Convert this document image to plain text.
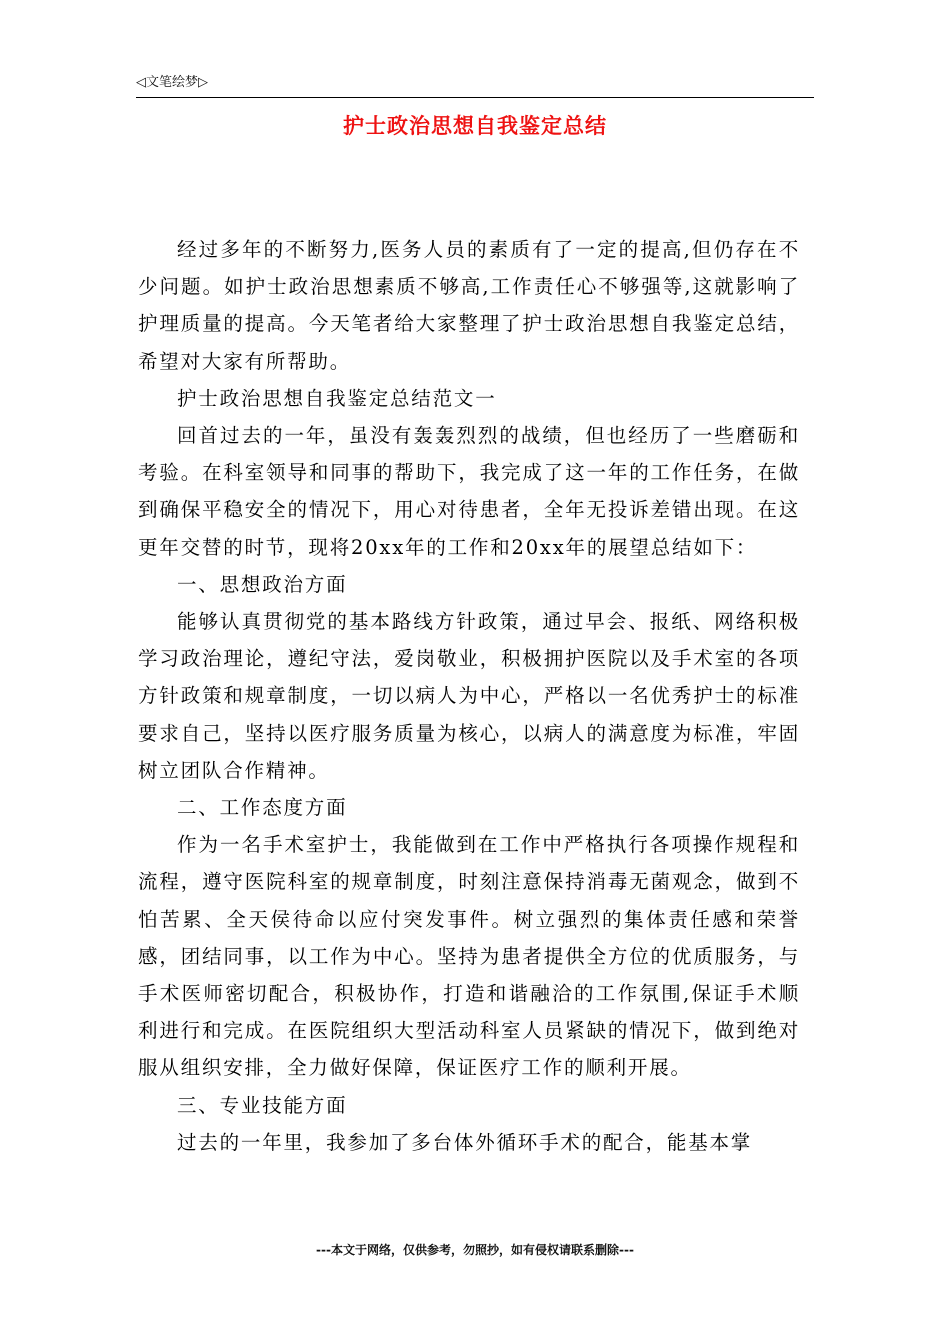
◁文笔绘梦▷
护士政治思想自我鉴定总结

经过多年的不断努力,医务人员的素质有了一定的提高,但仍存在不少问题。如护士政治思想素质不够高,工作责任心不够强等,这就影响了护理质量的提高。今天笔者给大家整理了护士政治思想自我鉴定总结，希望对大家有所帮助。

护士政治思想自我鉴定总结范文一

回首过去的一年，虽没有轰轰烈烈的战绩，但也经历了一些磨砺和考验。在科室领导和同事的帮助下，我完成了这一年的工作任务，在做到确保平稳安全的情况下，用心对待患者，全年无投诉差错出现。在这更年交替的时节，现将20xx年的工作和20xx年的展望总结如下：

一、思想政治方面

能够认真贯彻党的基本路线方针政策，通过早会、报纸、网络积极学习政治理论，遵纪守法，爱岗敬业，积极拥护医院以及手术室的各项方针政策和规章制度，一切以病人为中心，严格以一名优秀护士的标准要求自己，坚持以医疗服务质量为核心，以病人的满意度为标准，牢固树立团队合作精神。

二、工作态度方面

作为一名手术室护士，我能做到在工作中严格执行各项操作规程和流程，遵守医院科室的规章制度，时刻注意保持消毒无菌观念，做到不怕苦累、全天侯待命以应付突发事件。树立强烈的集体责任感和荣誉感，团结同事，以工作为中心。坚持为患者提供全方位的优质服务，与手术医师密切配合，积极协作，打造和谐融洽的工作氛围,保证手术顺利进行和完成。在医院组织大型活动科室人员紧缺的情况下，做到绝对服从组织安排，全力做好保障，保证医疗工作的顺利开展。

三、专业技能方面

过去的一年里，我参加了多台体外循环手术的配合，能基本掌

---本文于网络，仅供参考，勿照抄，如有侵权请联系删除---
